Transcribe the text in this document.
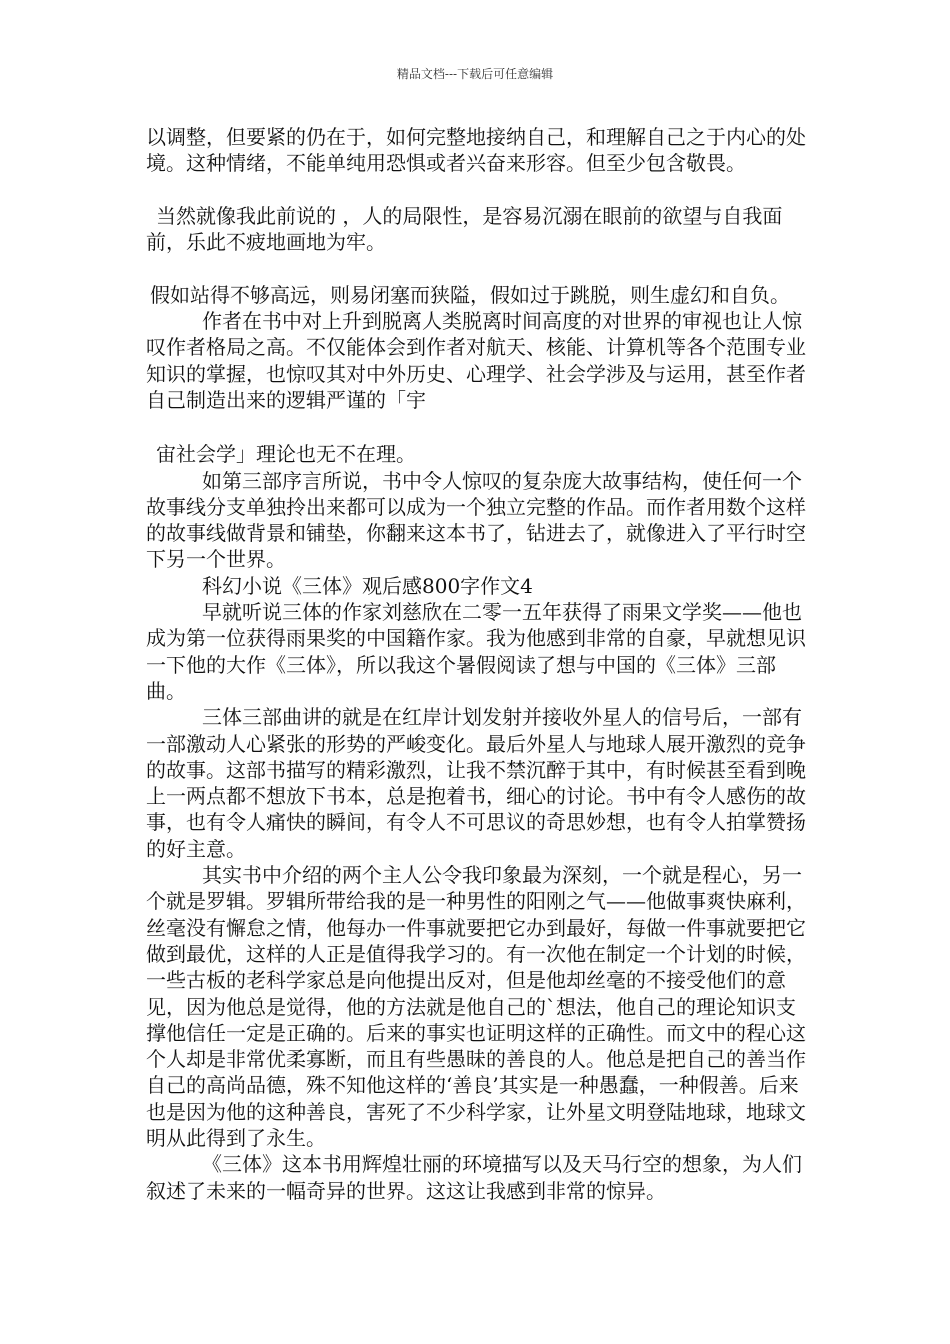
精品文档---下载后可任意编辑

以调整，但要紧的仍在于，如何完整地接纳自己，和理解自己之于内心的处境。这种情绪，不能单纯用恐惧或者兴奋来形容。但至少包含敬畏。

当然就像我此前说的 ，人的局限性，是容易沉溺在眼前的欲望与自我面前，乐此不疲地画地为牢。

假如站得不够高远，则易闭塞而狭隘，假如过于跳脱，则生虚幻和自负。

作者在书中对上升到脱离人类脱离时间高度的对世界的审视也让人惊叹作者格局之高。不仅能体会到作者对航天、核能、计算机等各个范围专业知识的掌握，也惊叹其对中外历史、心理学、社会学涉及与运用，甚至作者自己制造出来的逻辑严谨的「宇

宙社会学」理论也无不在理。

如第三部序言所说，书中令人惊叹的复杂庞大故事结构，使任何一个故事线分支单独拎出来都可以成为一个独立完整的作品。而作者用数个这样的故事线做背景和铺垫，你翻来这本书了，钻进去了，就像进入了平行时空下另一个世界。

科幻小说《三体》观后感800字作文4

早就听说三体的作家刘慈欣在二零一五年获得了雨果文学奖——他也成为第一位获得雨果奖的中国籍作家。我为他感到非常的自豪，早就想见识一下他的大作《三体》，所以我这个暑假阅读了想与中国的《三体》三部曲。

三体三部曲讲的就是在红岸计划发射并接收外星人的信号后，一部有一部激动人心紧张的形势的严峻变化。最后外星人与地球人展开激烈的竞争的故事。这部书描写的精彩激烈，让我不禁沉醉于其中，有时候甚至看到晚上一两点都不想放下书本，总是抱着书，细心的讨论。书中有令人感伤的故事，也有令人痛快的瞬间，有令人不可思议的奇思妙想，也有令人拍掌赞扬的好主意。

其实书中介绍的两个主人公令我印象最为深刻，一个就是程心，另一个就是罗辑。罗辑所带给我的是一种男性的阳刚之气——他做事爽快麻利，丝毫没有懈怠之情，他每办一件事就要把它办到最好，每做一件事就要把它做到最优，这样的人正是值得我学习的。有一次他在制定一个计划的时候，一些古板的老科学家总是向他提出反对，但是他却丝毫的不接受他们的意见，因为他总是觉得，他的方法就是他自己的`想法，他自己的理论知识支撑他信任一定是正确的。后来的事实也证明这样的正确性。而文中的程心这个人却是非常优柔寡断，而且有些愚昧的善良的人。他总是把自己的善当作自己的高尚品德，殊不知他这样的‘善良’其实是一种愚蠢，一种假善。后来也是因为他的这种善良，害死了不少科学家，让外星文明登陆地球，地球文明从此得到了永生。

《三体》这本书用辉煌壮丽的环境描写以及天马行空的想象，为人们叙述了未来的一幅奇异的世界。这这让我感到非常的惊异。
